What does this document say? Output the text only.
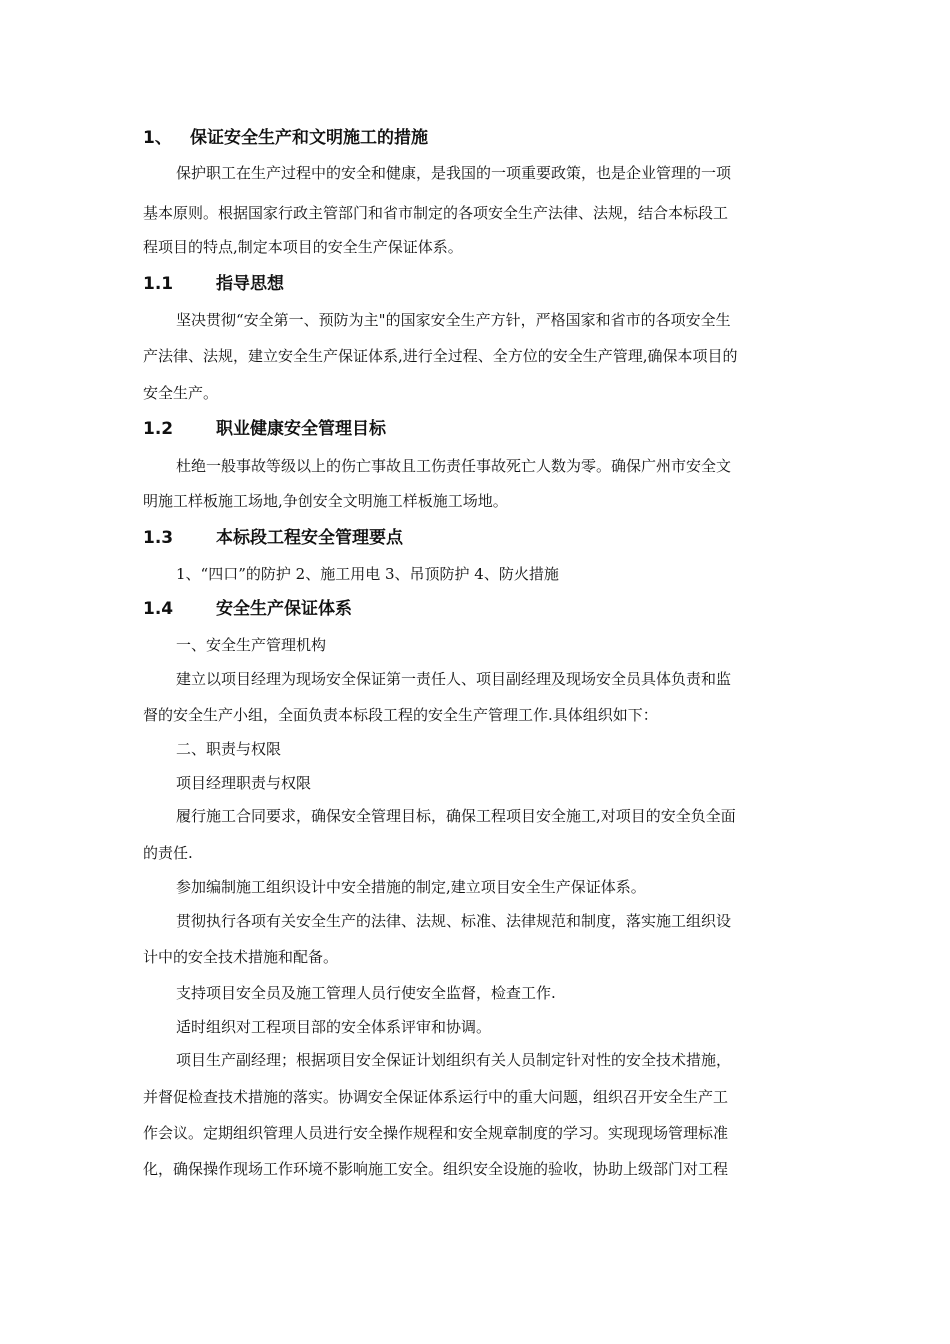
1、 保证安全生产和文明施工的措施
保护职工在生产过程中的安全和健康，是我国的一项重要政策，也是企业管理的一项
基本原则。根据国家行政主管部门和省市制定的各项安全生产法律、法规，结合本标段工
程项目的特点,制定本项目的安全生产保证体系。
1.1	指导思想
坚决贯彻“安全第一、预防为主"的国家安全生产方针，严格国家和省市的各项安全生
产法律、法规，建立安全生产保证体系,进行全过程、全方位的安全生产管理,确保本项目的
安全生产。
1.2	职业健康安全管理目标
杜绝一般事故等级以上的伤亡事故且工伤责任事故死亡人数为零。确保广州市安全文
明施工样板施工场地,争创安全文明施工样板施工场地。
1.3	本标段工程安全管理要点
1、“四口”的防护 2、施工用电 3、吊顶防护 4、防火措施
1.4	安全生产保证体系
一、安全生产管理机构
建立以项目经理为现场安全保证第一责任人、项目副经理及现场安全员具体负责和监
督的安全生产小组，全面负责本标段工程的安全生产管理工作.具体组织如下：
二、职责与权限
项目经理职责与权限
履行施工合同要求，确保安全管理目标，确保工程项目安全施工,对项目的安全负全面
的责任.
参加编制施工组织设计中安全措施的制定,建立项目安全生产保证体系。
贯彻执行各项有关安全生产的法律、法规、标准、法律规范和制度，落实施工组织设
计中的安全技术措施和配备。
支持项目安全员及施工管理人员行使安全监督，检查工作.
适时组织对工程项目部的安全体系评审和协调。
项目生产副经理；根据项目安全保证计划组织有关人员制定针对性的安全技术措施，
并督促检查技术措施的落实。协调安全保证体系运行中的重大问题，组织召开安全生产工
作会议。定期组织管理人员进行安全操作规程和安全规章制度的学习。实现现场管理标准
化，确保操作现场工作环境不影响施工安全。组织安全设施的验收，协助上级部门对工程
